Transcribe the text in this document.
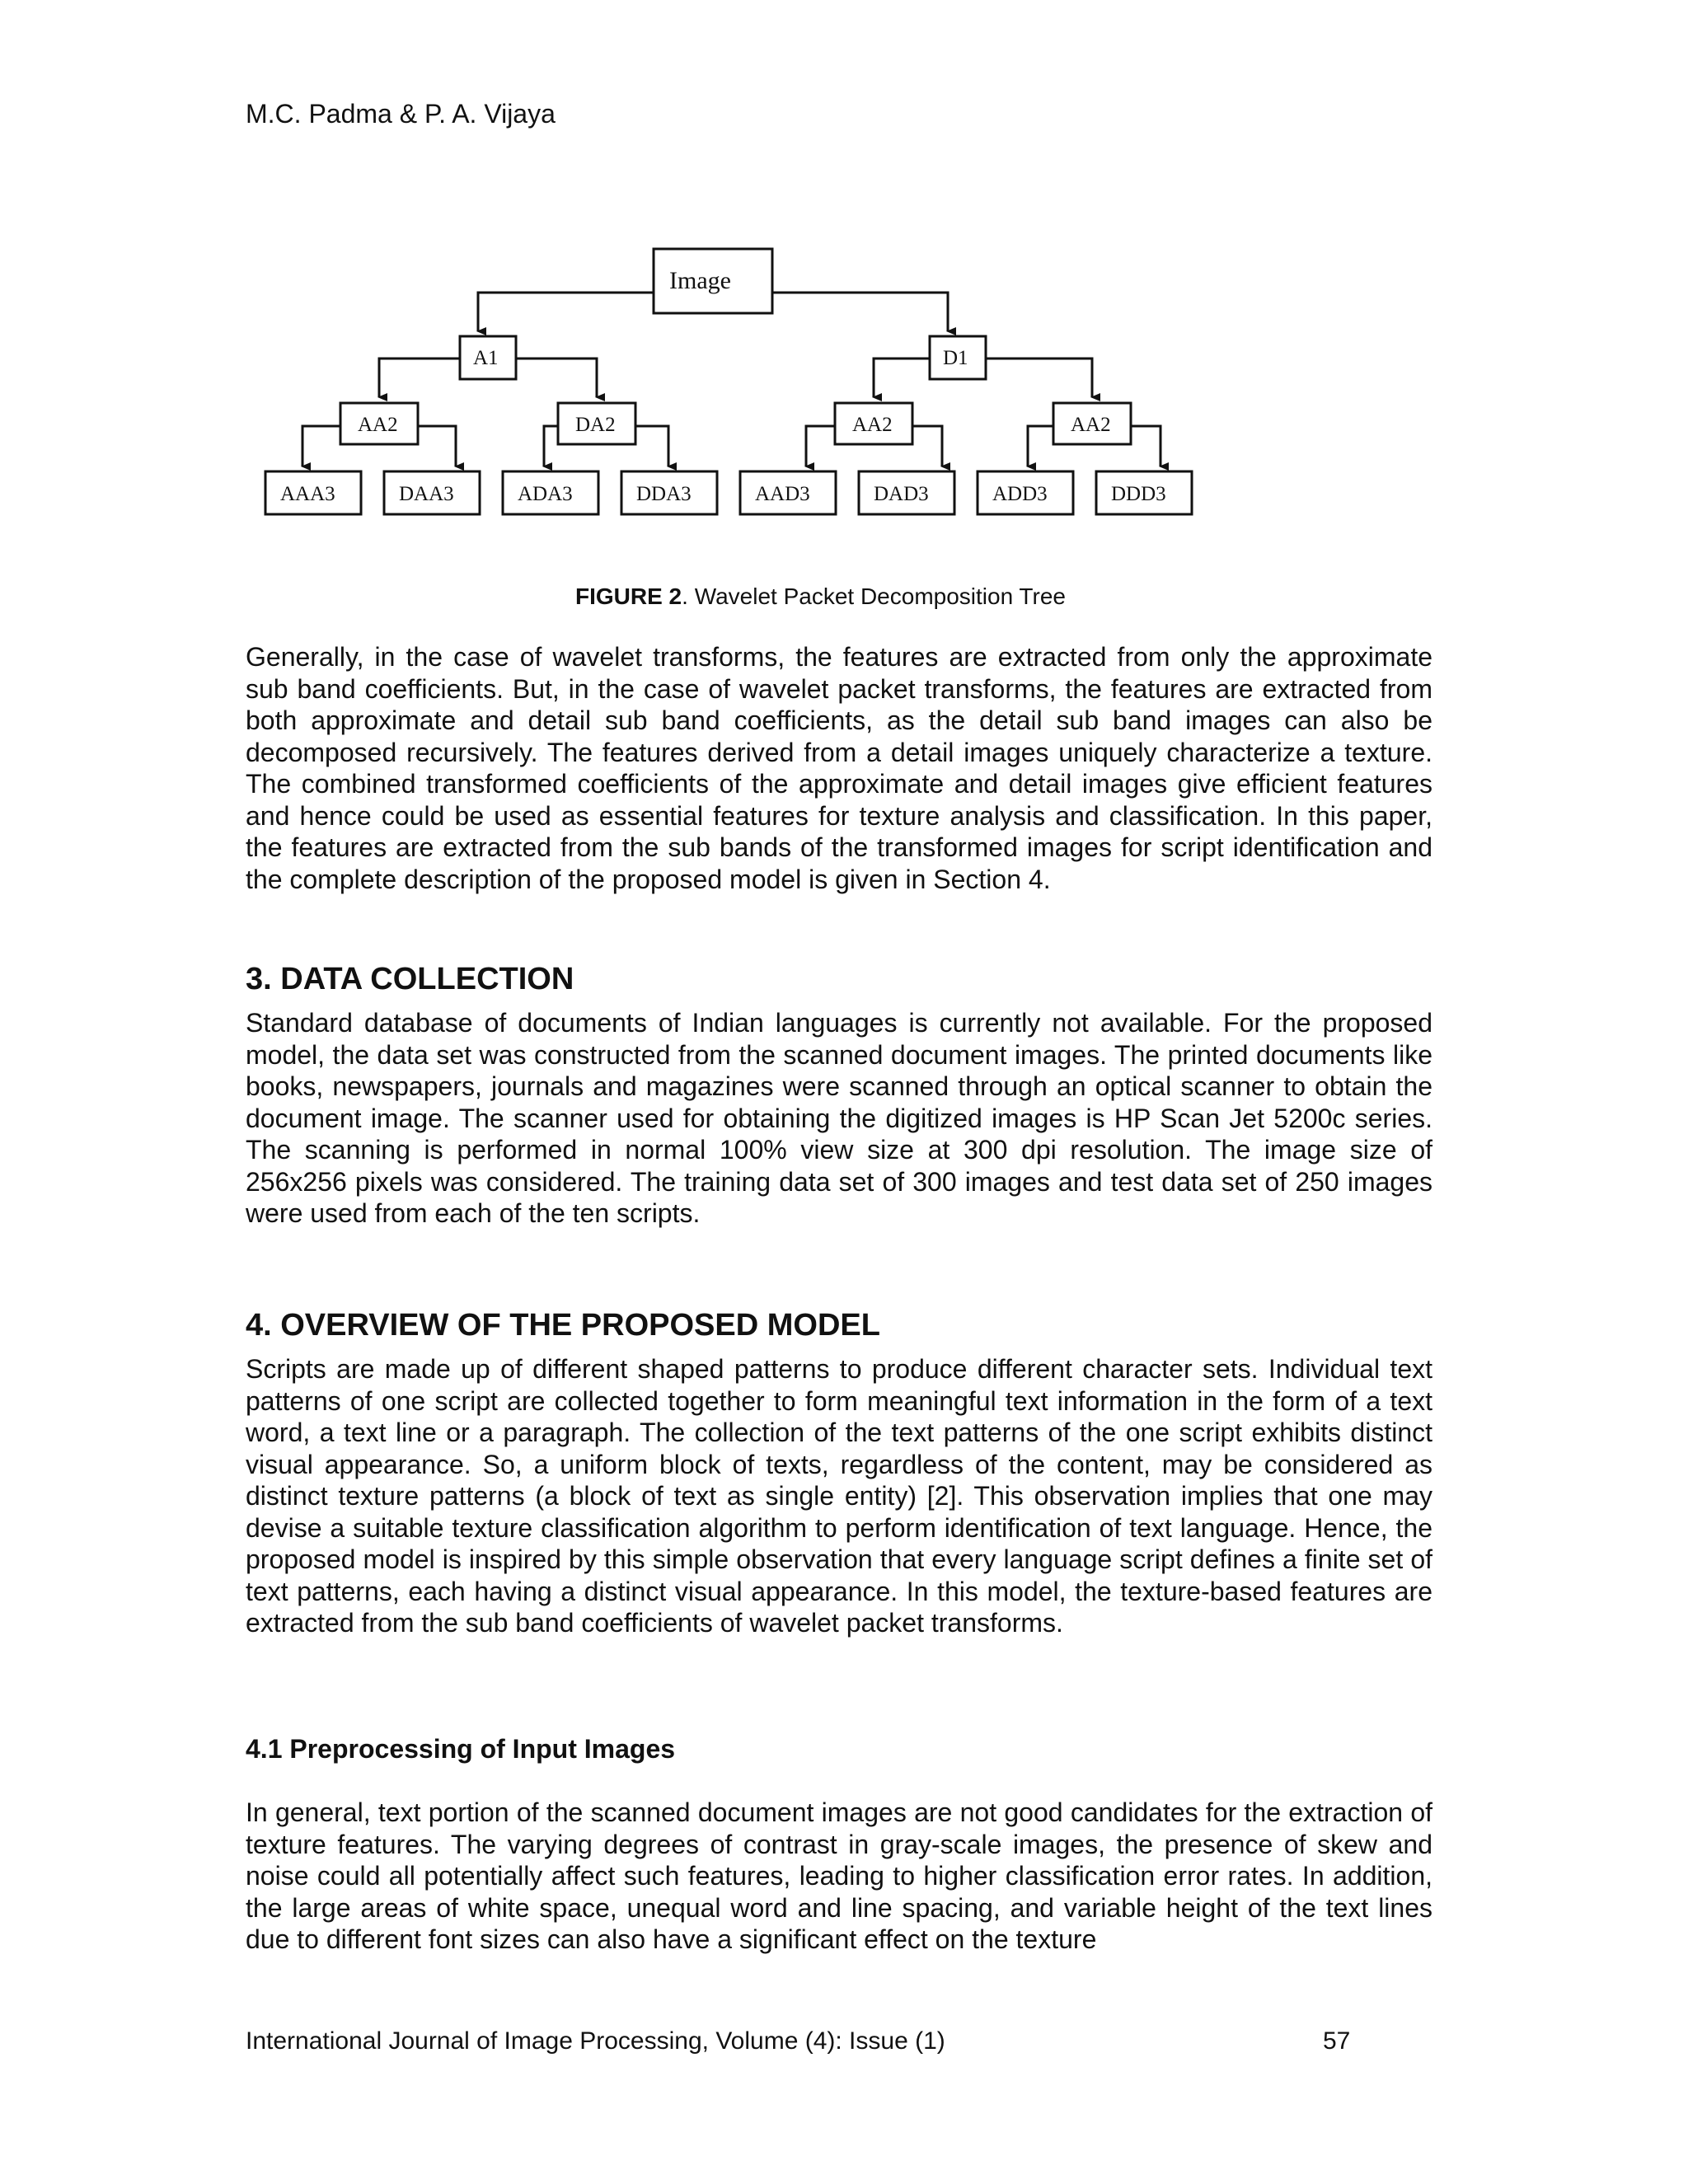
M.C. Padma & P. A. Vijaya
Image
A1	D1
AA2	DA2	AA2	AA2
AAA3	DAA3	ADA3	DDA3	AAD3	DAD3	ADD3	DDD3
FIGURE 2. Wavelet Packet Decomposition Tree

Generally, in the case of wavelet transforms, the features are extracted from only the approximate sub band coefficients. But, in the case of wavelet packet transforms, the features are extracted from both approximate and detail sub band coefficients, as the detail sub band images can also be decomposed recursively. The features derived from a detail images uniquely characterize a texture. The combined transformed coefficients of the approximate and detail images give efficient features and hence could be used as essential features for texture analysis and classification. In this paper, the features are extracted from the sub bands of the transformed images for script identification and the complete description of the proposed model is given in Section 4.

3. DATA COLLECTION

Standard database of documents of Indian languages is currently not available. For the proposed model, the data set was constructed from the scanned document images. The printed documents like books, newspapers, journals and magazines were scanned through an optical scanner to obtain the document image. The scanner used for obtaining the digitized images is HP Scan Jet 5200c series. The scanning is performed in normal 100% view size at 300 dpi resolution. The image size of 256x256 pixels was considered. The training data set of 300 images and test data set of 250 images were used from each of the ten scripts.

4. OVERVIEW OF THE PROPOSED MODEL

Scripts are made up of different shaped patterns to produce different character sets. Individual text patterns of one script are collected together to form meaningful text information in the form of a text word, a text line or a paragraph. The collection of the text patterns of the one script exhibits distinct visual appearance. So, a uniform block of texts, regardless of the content, may be considered as distinct texture patterns (a block of text as single entity) [2]. This observation implies that one may devise a suitable texture classification algorithm to perform identification of text language. Hence, the proposed model is inspired by this simple observation that every language script defines a finite set of text patterns, each having a distinct visual appearance. In this model, the texture-based features are extracted from the sub band coefficients of wavelet packet transforms.

4.1 Preprocessing of Input Images

In general, text portion of the scanned document images are not good candidates for the extraction of texture features. The varying degrees of contrast in gray-scale images, the presence of skew and noise could all potentially affect such features, leading to higher classification error rates. In addition, the large areas of white space, unequal word and line spacing, and variable height of the text lines due to different font sizes can also have a significant effect on the texture

International Journal of Image Processing, Volume (4): Issue (1)	57
